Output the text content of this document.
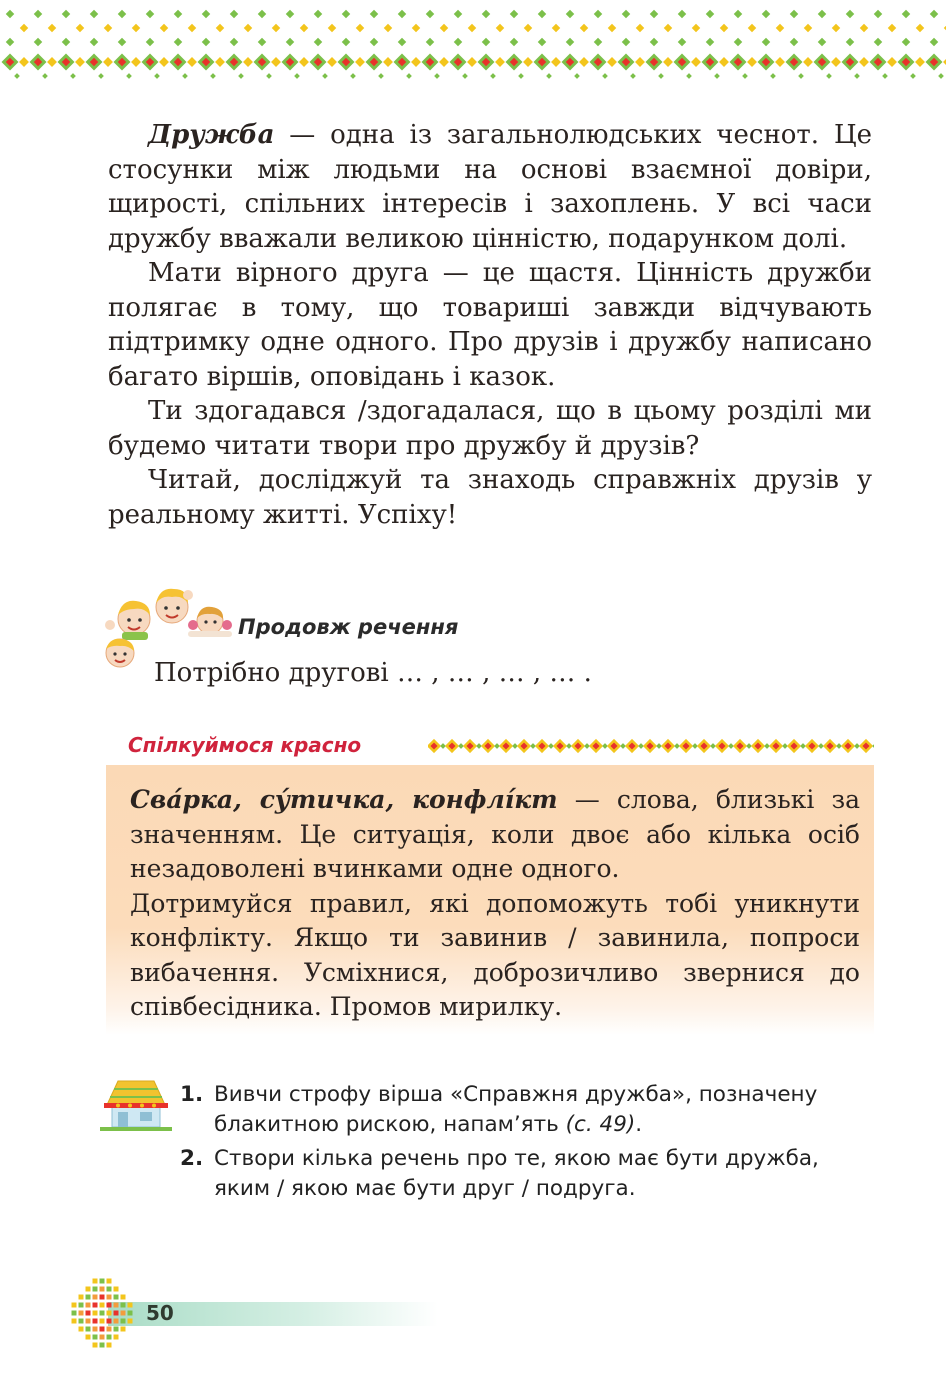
Дружба — одна із загальнолюдських чеснот. Це стосунки між людьми на основі взаємної довіри, щирості, спільних інтересів і захоплень. У всі часи дружбу вважали великою цінністю, подарунком долі.

Мати вірного друга — це щастя. Цінність дружби полягає в тому, що товариші завжди відчувають підтримку одне одного. Про друзів і дружбу написано багато віршів, оповідань і казок.

Ти здогадався /здогадалася, що в цьому розділі ми будемо читати твори про дружбу й друзів?

Читай, досліджуй та знаходь справжніх друзів у реальному житті. Успіху!

Продовж речення
Потрібно другові … , … , … , … .
Спілкуймося красно

Сва́рка, су́тичка, конфлі́кт — слова, близькі за значенням. Це ситуація, коли двоє або кілька осіб незадоволені вчинками одне одного.

Дотримуйся правил, які допоможуть тобі уникнути конфлікту. Якщо ти завинив / завинила, попроси вибачення. Усміхнися, доброзичливо звернися до співбесідника. Промов мирилку.

1. Вивчи строфу вірша «Справжня дружба», позначену блакитною рискою, напам’ять (с. 49).
2. Створи кілька речень про те, якою має бути дружба, яким / якою має бути друг / подруга.
50
